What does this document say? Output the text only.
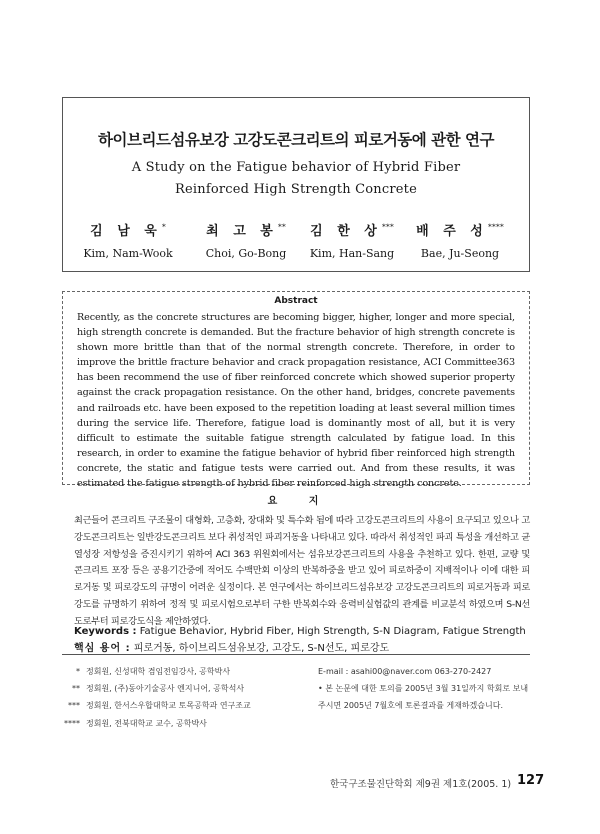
하이브리드섬유보강 고강도콘크리트의 피로거동에 관한 연구
A Study on the Fatigue behavior of Hybrid Fiber
Reinforced High Strength Concrete
김 남 욱*
Kim, Nam-Wook
최 고 봉**
Choi, Go-Bong
김 한 상***
Kim, Han-Sang
배 주 성****
Bae, Ju-Seong
Abstract
Recently, as the concrete structures are becoming bigger, higher, longer and more special, high strength concrete is demanded. But the fracture behavior of high strength concrete is shown more brittle than that of the normal strength concrete. Therefore, in order to improve the brittle fracture behavior and crack propagation resistance, ACI Committee363 has been recommend the use of fiber reinforced concrete which showed superior property against the crack propagation resistance. On the other hand, bridges, concrete pavements and railroads etc. have been exposed to the repetition loading at least several million times during the service life. Therefore, fatigue load is dominantly most of all, but it is very difficult to estimate the suitable fatigue strength calculated by fatigue load. In this research, in order to examine the fatigue behavior of hybrid fiber reinforced high strength concrete, the static and fatigue tests were carried out. And from these results, it was estimated the fatigue strength of hybrid fiber reinforced high strength concrete.
요 지
최근들어 콘크리트 구조물이 대형화, 고층화, 장대화 및 특수화 됨에 따라 고강도콘크리트의 사용이 요구되고 있으나 고강도콘크리트는 일반강도콘크리트 보다 취성적인 파괴거동을 나타내고 있다. 따라서 취성적인 파괴 특성을 개선하고 균열성장 저항성을 증진시키기 위하여 ACI 363 위원회에서는 섬유보강콘크리트의 사용을 추천하고 있다. 한편, 교량 및 콘크리트 포장 등은 공용기간중에 적어도 수백만회 이상의 반복하중을 받고 있어 피로하중이 지배적이나 이에 대한 피로거동 및 피로강도의 규명이 어려운 실정이다. 본 연구에서는 하이브리드섬유보강 고강도콘크리트의 피로거동과 피로강도를 규명하기 위하여 정적 및 피로시험으로부터 구한 반복회수와 응력비실험값의 관계를 비교분석 하였으며 S-N선도로부터 피로강도식을 제안하였다.
Keywords : Fatigue Behavior, Hybrid Fiber, High Strength, S-N Diagram, Fatigue Strength
핵심 용어 : 피로거동, 하이브리드섬유보강, 고강도, S-N선도, 피로강도
* 정회원, 신성대학 겸임전임강사, 공학박사
** 정회원, (주)동아기술공사 엔지니어, 공학석사
*** 정회원, 한서스우합대학교 토목공학과 연구조교
**** 정회원, 전북대학교 교수, 공학박사
E-mail : asahi00@naver.com 063-270-2427
• 본 논문에 대한 토의를 2005년 3월 31일까지 학회로 보내
주시면 2005년 7월호에 토론결과를 게재하겠습니다.
한국구조물진단학회 제9권 제1호(2005. 1) 127
